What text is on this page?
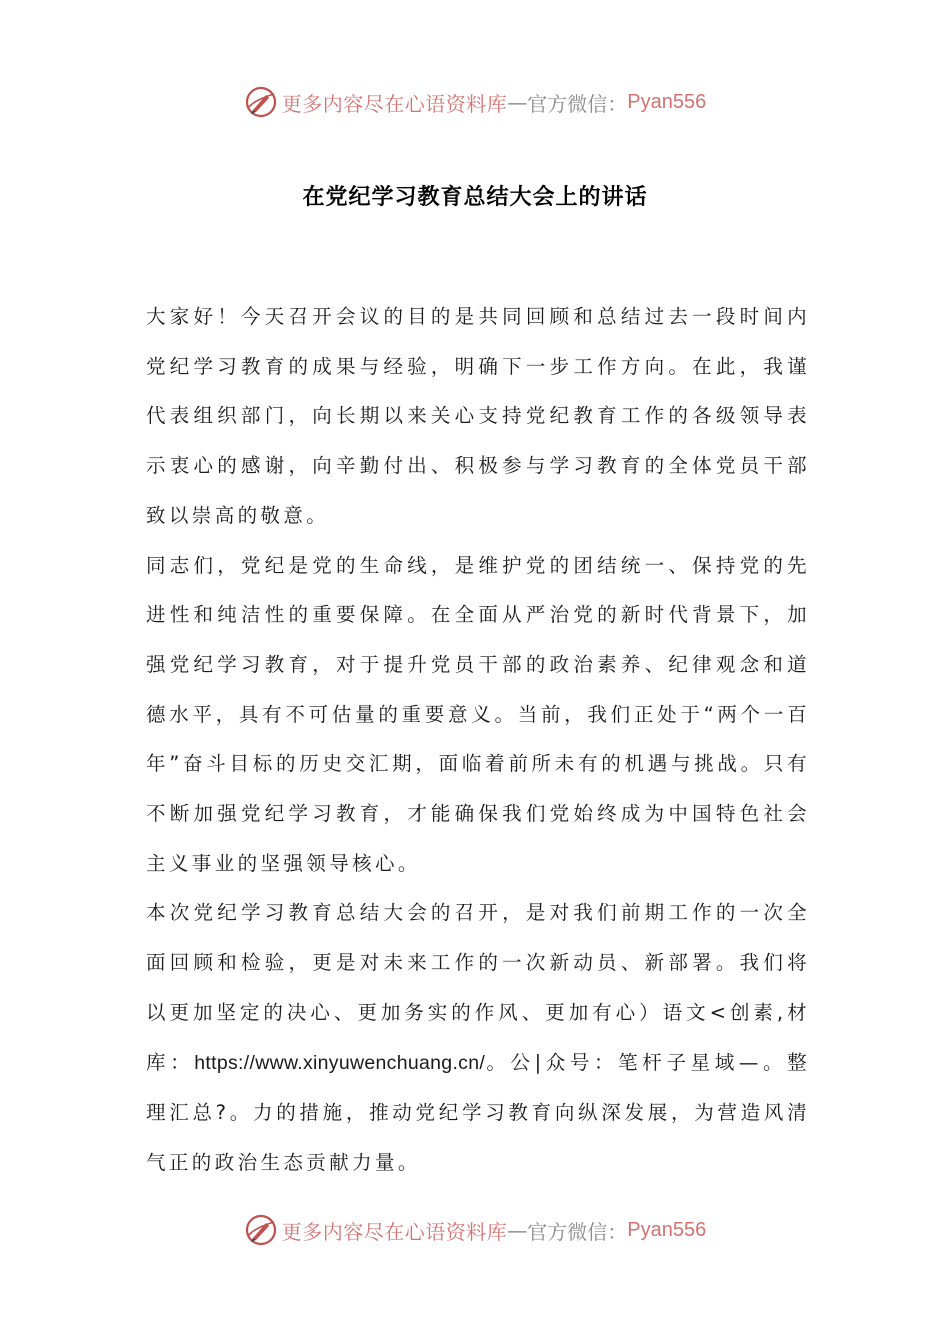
更多内容尽在心语资料库 — 官方微信： Pyan556
在党纪学习教育总结大会上的讲话

大家好！今天召开会议的目的是共同回顾和总结过去一段时间内党纪学习教育的成果与经验，明确下一步工作方向。在此，我谨代表组织部门，向长期以来关心支持党纪教育工作的各级领导表示衷心的感谢，向辛勤付出、积极参与学习教育的全体党员干部致以崇高的敬意。

同志们，党纪是党的生命线，是维护党的团结统一、保持党的先进性和纯洁性的重要保障。在全面从严治党的新时代背景下，加强党纪学习教育，对于提升党员干部的政治素养、纪律观念和道德水平，具有不可估量的重要意义。当前，我们正处于“两个一百年”奋斗目标的历史交汇期，面临着前所未有的机遇与挑战。只有不断加强党纪学习教育，才能确保我们党始终成为中国特色社会主义事业的坚强领导核心。

本次党纪学习教育总结大会的召开，是对我们前期工作的一次全面回顾和检验，更是对未来工作的一次新动员、新部署。我们将以更加坚定的决心、更加务实的作风、更加有心）语文<创素,材库：https://www.xinyuwenchuang.cn/。公|众号：笔杆子星域—。整理汇总?。力的措施，推动党纪学习教育向纵深发展，为营造风清气正的政治生态贡献力量。

更多内容尽在心语资料库 — 官方微信： Pyan556
